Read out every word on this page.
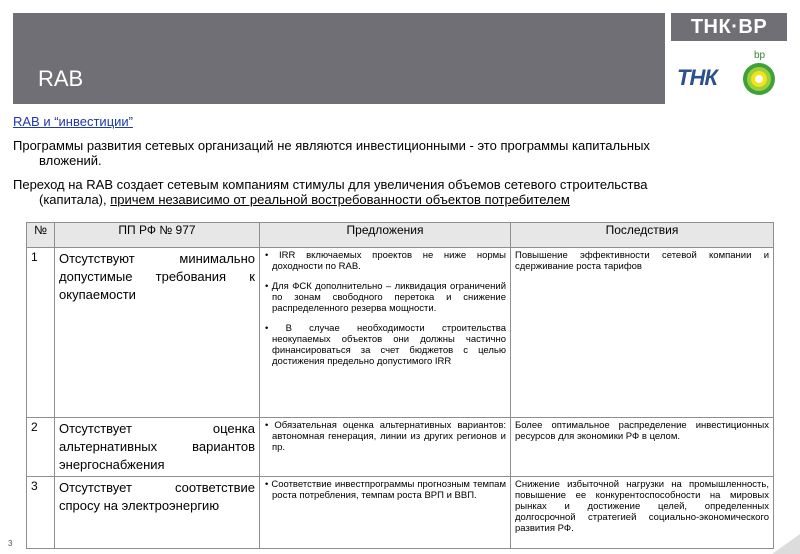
RAB
ТНК·ВР
ТНК
bp
RAB и “инвестиции”
Программы развития сетевых организаций не являются инвестиционными - это программы капитальных
вложений.
Переход на RAB создает сетевым компаниям стимулы для увеличения объемов сетевого строительства
(капитала), причем независимо от реальной востребованности объектов потребителем
№	ПП РФ № 977	Предложения	Последствия
1	Отсутствуют минимально допустимые требования к окупаемости	• IRR включаемых проектов не ниже нормы доходности по RAB.
• Для ФСК дополнительно – ликвидация ограничений по зонам свободного перетока и снижение распределенного резерва мощности.
• В случае необходимости строительства неокупаемых объектов они должны частично финансироваться за счет бюджетов с целью достижения предельно допустимого IRR	Повышение эффективности сетевой компании и сдерживание роста тарифов

2	Отсутствует оценка альтернативных вариантов энергоснабжения	• Обязательная оценка альтернативных вариантов: автономная генерация, линии из других регионов и пр.	Более оптимальное распределение инвестиционных ресурсов для экономики РФ в целом.

3	Отсутствует соответствие спросу на электроэнергию	• Соответствие инвестпрограммы прогнозным темпам роста потребления, темпам роста ВРП и ВВП.	Снижение избыточной нагрузки на промышленность, повышение ее конкурентоспособности на мировых рынках и достижение целей, определенных долгосрочной стратегией социально-экономического развития РФ.
3
